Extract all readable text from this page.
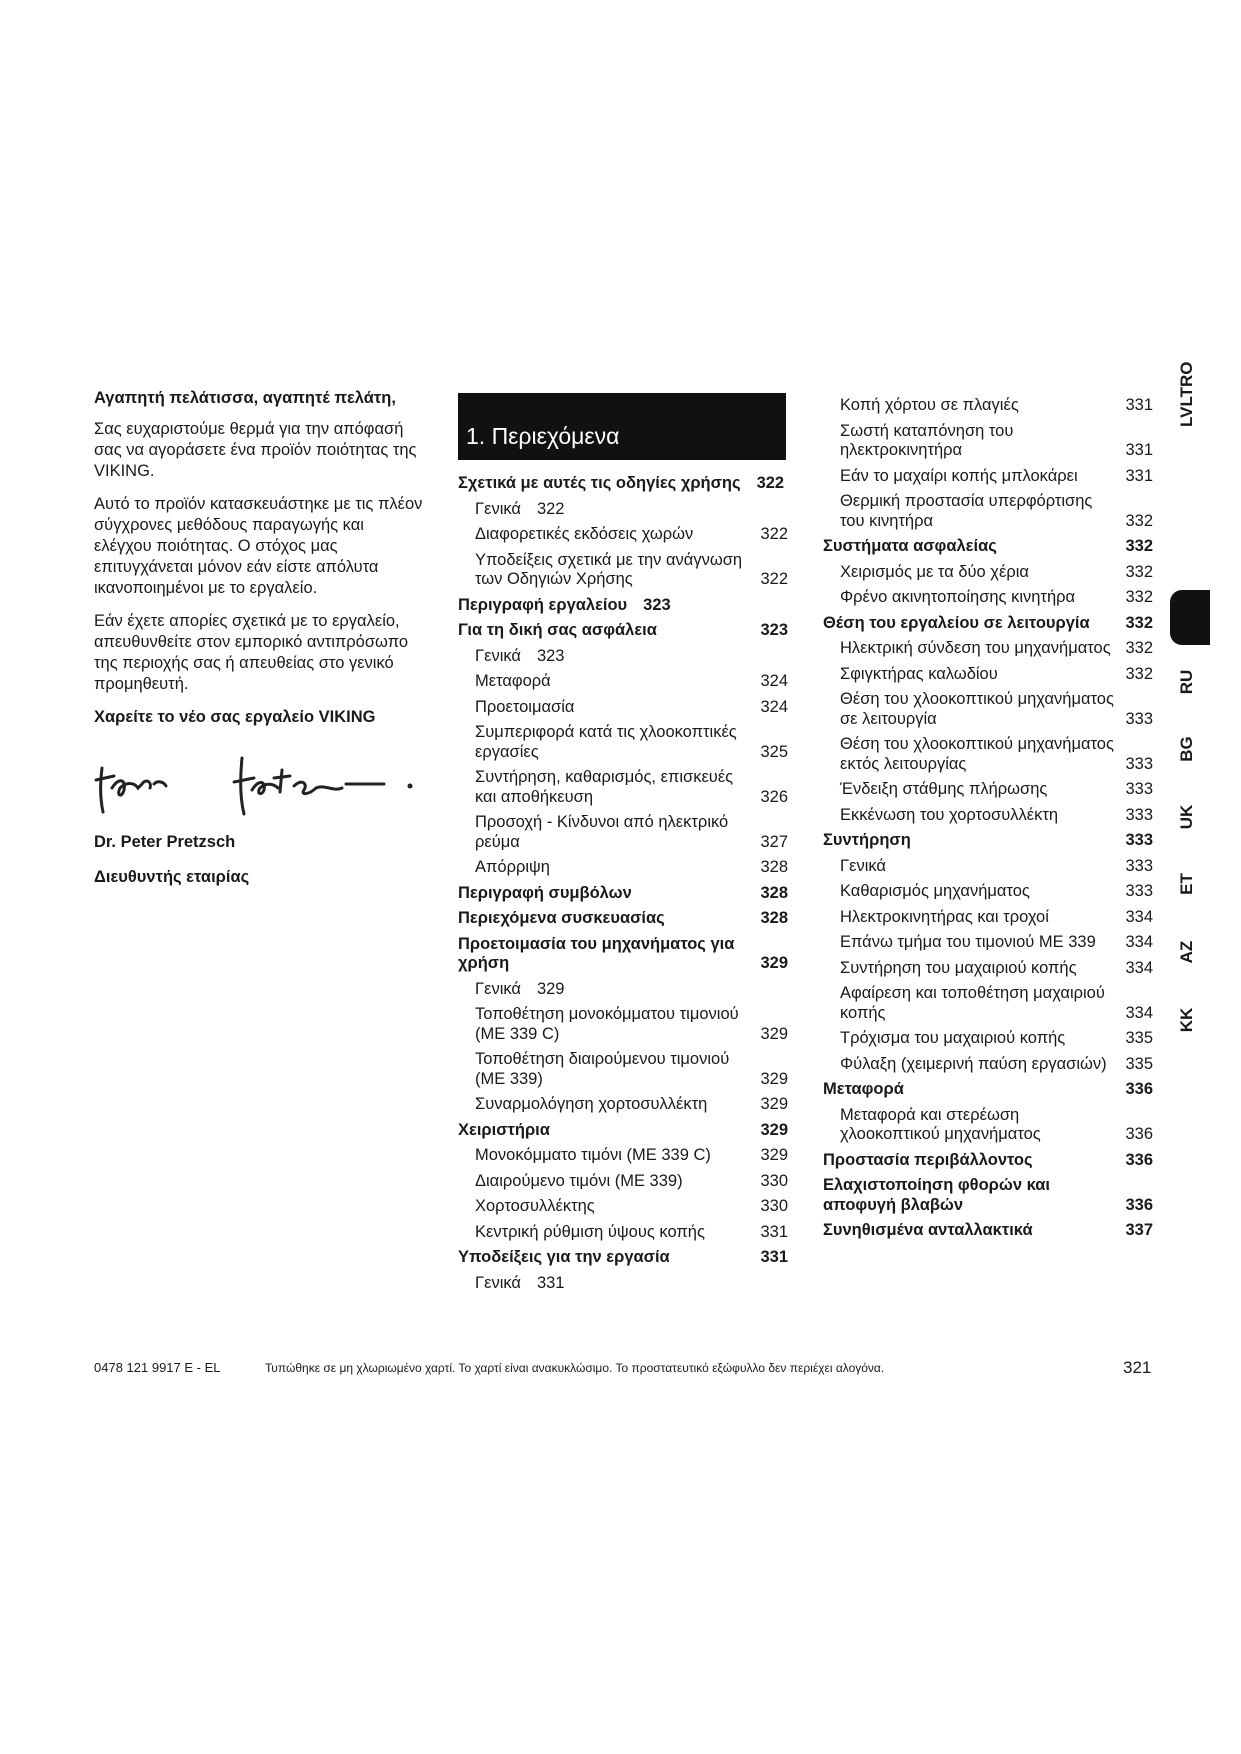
Αγαπητή πελάτισσα, αγαπητέ πελάτη,

Σας ευχαριστούμε θερμά για την απόφασή σας να αγοράσετε ένα προϊόν ποιότητας της VIKING.

Αυτό το προϊόν κατασκευάστηκε με τις πλέον σύγχρονες μεθόδους παραγωγής και ελέγχου ποιότητας. Ο στόχος μας επιτυγχάνεται μόνον εάν είστε απόλυτα ικανοποιημένοι με το εργαλείο.

Εάν έχετε απορίες σχετικά με το εργαλείο, απευθυνθείτε στον εμπορικό αντιπρόσωπο της περιοχής σας ή απευθείας στο γενικό προμηθευτή.

Χαρείτε το νέο σας εργαλείο VIKING

Dr. Peter Pretzsch
Διευθυντής εταιρίας
1. Περιεχόμενα
Σχετικά με αυτές τις οδηγίες χρήσης 322
Γενικά 322
Διαφορετικές εκδόσεις χωρών	322
Υποδείξεις σχετικά με την ανάγνωση των Οδηγιών Χρήσης	322
Περιγραφή εργαλείου 323
Για τη δική σας ασφάλεια	323
Γενικά 323
Μεταφορά	324
Προετοιμασία	324
Συμπεριφορά κατά τις χλοοκοπτικές εργασίες	325
Συντήρηση, καθαρισμός, επισκευές και αποθήκευση	326
Προσοχή - Κίνδυνοι από ηλεκτρικό ρεύμα	327
Απόρριψη	328
Περιγραφή συμβόλων	328
Περιεχόμενα συσκευασίας	328
Προετοιμασία του μηχανήματος για χρήση	329
Γενικά 329
Τοποθέτηση μονοκόμματου τιμονιού (ME 339 C)	329
Τοποθέτηση διαιρούμενου τιμονιού (ME 339)	329
Συναρμολόγηση χορτοσυλλέκτη	329
Χειριστήρια	329
Μονοκόμματο τιμόνι (ME 339 C)	329
Διαιρούμενο τιμόνι (ME 339)	330
Χορτοσυλλέκτης	330
Κεντρική ρύθμιση ύψους κοπής	331
Υποδείξεις για την εργασία	331
Γενικά 331
Κοπή χόρτου σε πλαγιές	331
Σωστή καταπόνηση του ηλεκτροκινητήρα	331
Εάν το μαχαίρι κοπής μπλοκάρει	331
Θερμική προστασία υπερφόρτισης του κινητήρα	332
Συστήματα ασφαλείας	332
Χειρισμός με τα δύο χέρια	332
Φρένο ακινητοποίησης κινητήρα	332
Θέση του εργαλείου σε λειτουργία	332
Ηλεκτρική σύνδεση του μηχανήματος 332
Σφιγκτήρας καλωδίου	332
Θέση του χλοοκοπτικού μηχανήματος σε λειτουργία	333
Θέση του χλοοκοπτικού μηχανήματος εκτός λειτουργίας	333
Ένδειξη στάθμης πλήρωσης	333
Εκκένωση του χορτοσυλλέκτη	333
Συντήρηση	333
Γενικά	333
Καθαρισμός μηχανήματος	333
Ηλεκτροκινητήρας και τροχοί	334
Επάνω τμήμα του τιμονιού ME 339	334
Συντήρηση του μαχαιριού κοπής	334
Αφαίρεση και τοποθέτηση μαχαιριού κοπής	334
Τρόχισμα του μαχαιριού κοπής	335
Φύλαξη (χειμερινή παύση εργασιών)	335
Μεταφορά	336
Μεταφορά και στερέωση χλοοκοπτικού μηχανήματος	336
Προστασία περιβάλλοντος	336
Ελαχιστοποίηση φθορών και αποφυγή βλαβών	336
Συνηθισμένα ανταλλακτικά	337
LVLTRO
RU
BG
UK
ET
AZ
KK
0478 121 9917 E - EL	Τυπώθηκε σε μη χλωριωμένο χαρτί. Το χαρτί είναι ανακυκλώσιμο. Το προστατευτικό εξώφυλλο δεν περιέχει αλογόνα.	321
